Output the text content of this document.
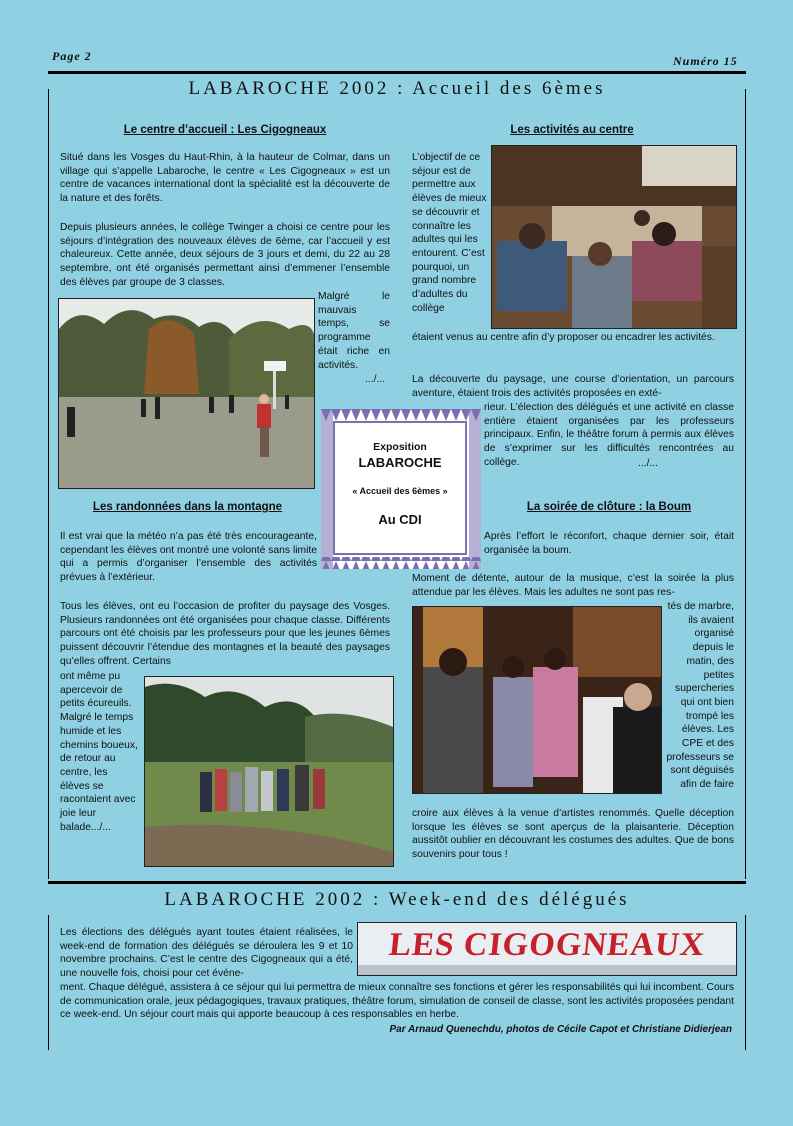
Page 2	Numéro 15
LABAROCHE 2002 : Accueil des 6èmes
Le centre d’accueil : Les Cigogneaux

Situé dans les Vosges du Haut-Rhin, à la hauteur de Colmar, dans un village qui s’appelle Labaroche, le centre « Les Cigogneaux » est un centre de vacances international dont la spécialité est la découverte de la nature et des forêts.

Depuis plusieurs années, le collège Twinger a choisi ce centre pour les séjours d’intégration des nouveaux élèves de 6ème, car l’accueil y est chaleureux. Cette année, deux séjours de 3 jours et demi, du 22 au 28 septembre, ont été organisés permettant ainsi d’emmener l’ensemble des élèves par groupe de 3 classes.

Malgré le mauvais temps, se programme était riche en activités.

.../...
Les activités au centre

L’objectif de ce séjour est de permettre aux élèves de mieux se découvrir et connaître les adultes qui les entourent. C’est pourquoi, un grand nombre d’adultes du collège

étaient venus au centre afin d’y proposer ou encadrer les activités.

La découverte du paysage, une course d’orientation, un parcours aventure, étaient trois des activités proposées en exté-

rieur. L’élection des délégués et une activité en classe entière étaient organisées par les professeurs principaux. Enfin, le théâtre forum à permis aux élèves de s’exprimer sur les difficultés rencontrées au collège.	.../...
Exposition
LABAROCHE
« Accueil des 6èmes »
Au CDI
Les randonnées dans la montagne

Il est vrai que la météo n’a pas été très encourageante, cependant les élèves ont montré une volonté sans limite qui a permis d’organiser l’ensemble des activités prévues à l’extérieur.

Tous les élèves, ont eu l’occasion de profiter du paysage des Vosges. Plusieurs randonnées ont été organisées pour chaque classe. Différents parcours ont été choisis par les professeurs pour que les jeunes 6èmes puissent découvrir l’étendue des montagnes et la beauté des paysages qu’elles offrent. Certains

ont même pu apercevoir de petits écureuils. Malgré le temps humide et les chemins boueux, de retour au centre, les élèves se racontaient avec joie leur balade.../...

La soirée de clôture : la Boum

Après l’effort le réconfort, chaque dernier soir, était organisée la boum.

Moment de détente, autour de la musique, c’est la soirée la plus attendue par les élèves. Mais les adultes ne sont pas res-

tés de marbre, ils avaient organisé depuis le matin, des petites supercheries qui ont bien trompé les élèves. Les CPE et des professeurs se sont déguisés afin de faire

croire aux élèves à la venue d’artistes renommés. Quelle déception lorsque les élèves se sont aperçus de la plaisanterie. Déception aussitôt oublier en découvrant les costumes des adultes. Que de bons souvenirs pour tous !

LABAROCHE 2002 : Week-end des délégués

Les élections des délégués ayant toutes étaient réalisées, le week-end de formation des délégués se déroulera les 9 et 10 novembre prochains. C’est le centre des Cigogneaux qui a été, une nouvelle fois, choisi pour cet événe-

LES CIGOGNEAUX

ment. Chaque délégué, assistera à ce séjour qui lui permettra de mieux connaître ses fonctions et gérer les responsabilités qui lui incombent. Cours de communication orale, jeux pédagogiques, travaux pratiques, théâtre forum, simulation de conseil de classe, sont les activités proposées pendant ce week-end. Un séjour court mais qui apporte beaucoup à ces responsables en herbe.

Par Arnaud Quenechdu, photos de Cécile Capot et Christiane Didierjean
